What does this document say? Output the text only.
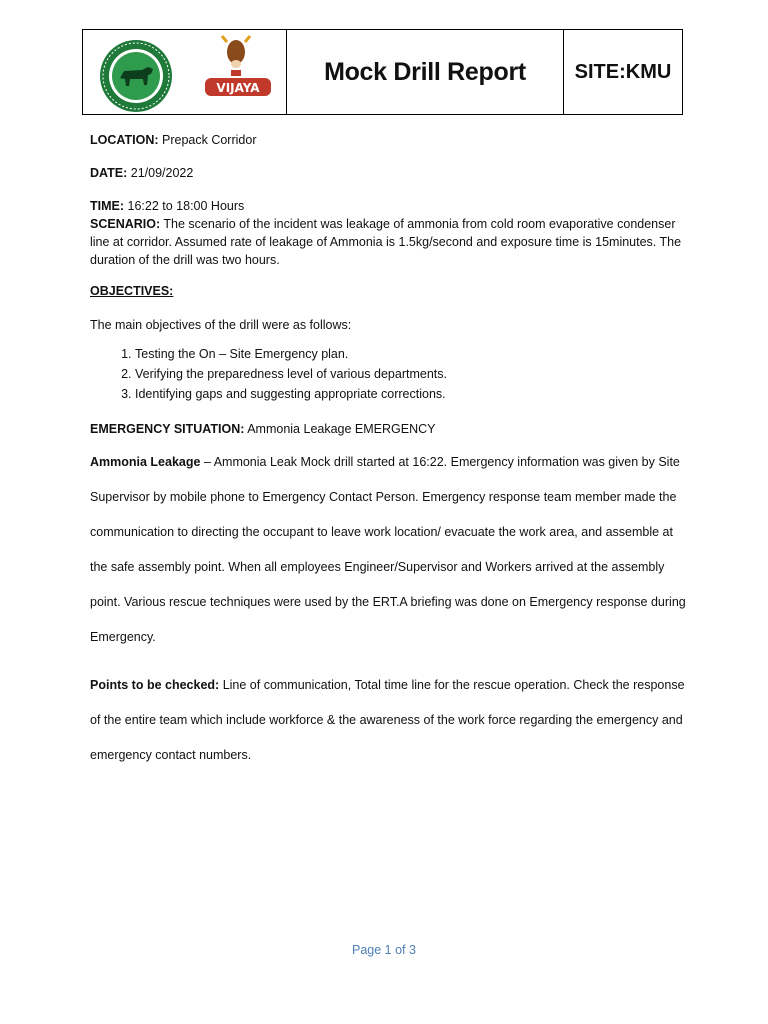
VIJAYA
Mock Drill Report SITE:KMU
LOCATION: Prepack Corridor
DATE: 21/09/2022
TIME: 16:22 to 18:00 Hours
SCENARIO: The scenario of the incident was leakage of ammonia from cold room evaporative condenser line at corridor. Assumed rate of leakage of Ammonia is 1.5kg/second and exposure time is 15minutes. The duration of the drill was two hours.
OBJECTIVES:
The main objectives of the drill were as follows:
1. Testing the On – Site Emergency plan.
2. Verifying the preparedness level of various departments.
3. Identifying gaps and suggesting appropriate corrections.
EMERGENCY SITUATION: Ammonia Leakage EMERGENCY
Ammonia Leakage – Ammonia Leak Mock drill started at 16:22. Emergency information was given by Site Supervisor by mobile phone to Emergency Contact Person. Emergency response team member made the communication to directing the occupant to leave work location/ evacuate the work area, and assemble at the safe assembly point. When all employees Engineer/Supervisor and Workers arrived at the assembly point. Various rescue techniques were used by the ERT.A briefing was done on Emergency response during Emergency.
Points to be checked: Line of communication, Total time line for the rescue operation. Check the response of the entire team which include workforce & the awareness of the work force regarding the emergency and emergency contact numbers.
Page 1 of 3
